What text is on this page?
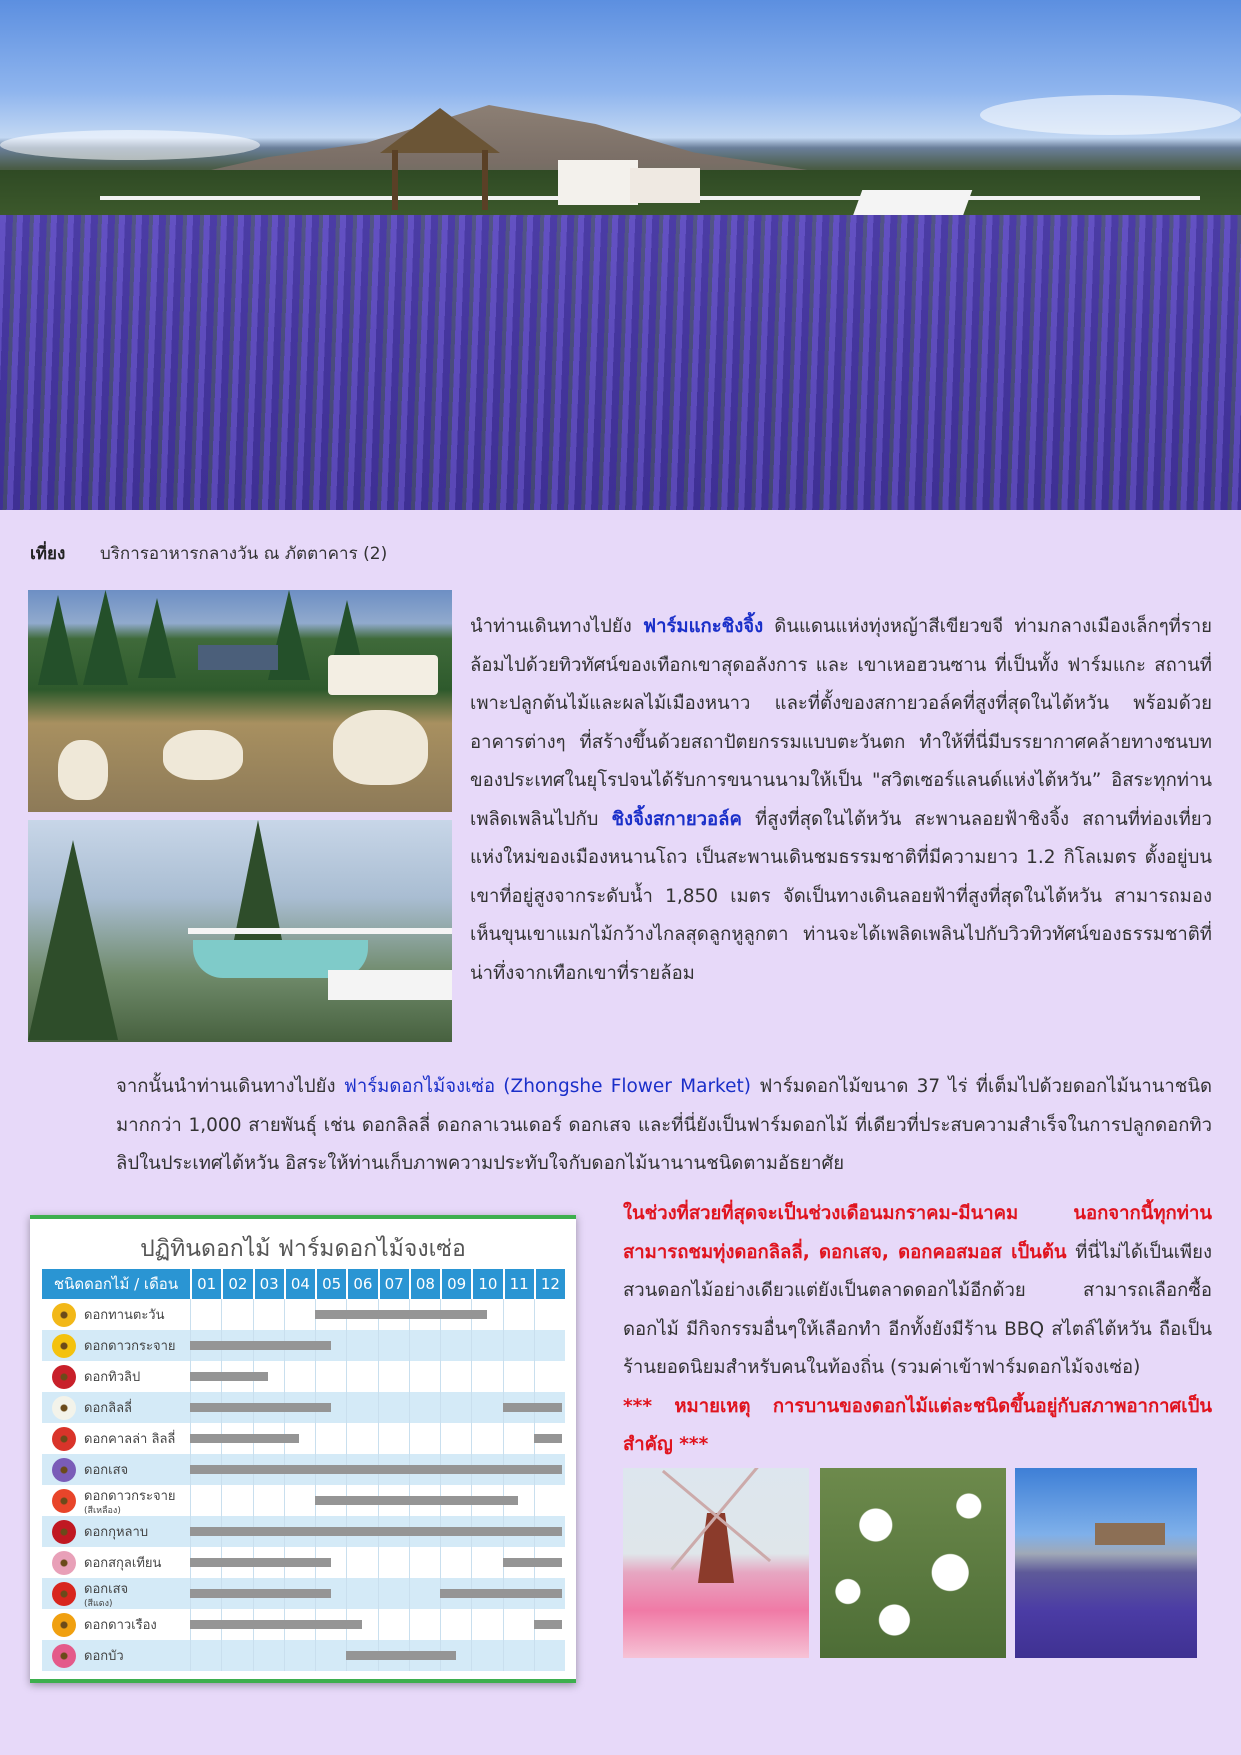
เที่ยง บริการอาหารกลางวัน ณ ภัตตาคาร (2)
นำท่านเดินทางไปยัง ฟาร์มแกะชิงจิ้ง ดินแดนแห่งทุ่งหญ้าสีเขียวขจี ท่ามกลางเมืองเล็กๆที่รายล้อมไปด้วยทิวทัศน์ของเทือกเขาสุดอลังการ และ เขาเหอฮวนซาน ที่เป็นทั้ง ฟาร์มแกะ สถานที่เพาะปลูกต้นไม้และผลไม้เมืองหนาว และที่ตั้งของสกายวอล์คที่สูงที่สุดในไต้หวัน พร้อมด้วยอาคารต่างๆ ที่สร้างขึ้นด้วยสถาปัตยกรรมแบบตะวันตก ทำให้ที่นี่มีบรรยากาศคล้ายทางชนบทของประเทศในยุโรปจนได้รับการขนานนามให้เป็น "สวิตเซอร์แลนด์แห่งไต้หวัน” อิสระทุกท่านเพลิดเพลินไปกับ ชิงจิ้งสกายวอล์ค ที่สูงที่สุดในไต้หวัน สะพานลอยฟ้าชิงจิ้ง สถานที่ท่องเที่ยวแห่งใหม่ของเมืองหนานโถว เป็นสะพานเดินชมธรรมชาติที่มีความยาว 1.2 กิโลเมตร ตั้งอยู่บนเขาที่อยู่สูงจากระดับน้ำ 1,850 เมตร จัดเป็นทางเดินลอยฟ้าที่สูงที่สุดในไต้หวัน สามารถมองเห็นขุนเขาแมกไม้กว้างไกลสุดลูกหูลูกตา ท่านจะได้เพลิดเพลินไปกับวิวทิวทัศน์ของธรรมชาติที่น่าทึ่งจากเทือกเขาที่รายล้อม
จากนั้นนำท่านเดินทางไปยัง ฟาร์มดอกไม้จงเซ่อ (Zhongshe Flower Market) ฟาร์มดอกไม้ขนาด 37 ไร่ ที่เต็มไปด้วยดอกไม้นานาชนิดมากกว่า 1,000 สายพันธุ์ เช่น ดอกลิลลี่ ดอกลาเวนเดอร์ ดอกเสจ และที่นี่ยังเป็นฟาร์มดอกไม้ ที่เดียวที่ประสบความสำเร็จในการปลูกดอกทิวลิปในประเทศไต้หวัน อิสระให้ท่านเก็บภาพความประทับใจกับดอกไม้นานานชนิดตามอัธยาศัย
ปฏิทินดอกไม้ ฟาร์มดอกไม้จงเซ่อ
ชนิดดอกไม้ / เดือน	01 02 03 04 05 06 07 08 09 10 11 12
ดอกทานตะวัน
ดอกดาวกระจาย
ดอกทิวลิป
ดอกลิลลี่
ดอกคาลล่า ลิลลี่
ดอกเสจ
ดอกดาวกระจาย
(สีเหลือง)
ดอกกุหลาบ
ดอกสกุลเทียน
ดอกเสจ
(สีแดง)
ดอกดาวเรือง
ดอกบัว
ในช่วงที่สวยที่สุดจะเป็นช่วงเดือนมกราคม-มีนาคม นอกจากนี้ทุกท่านสามารถชมทุ่งดอกลิลลี่, ดอกเสจ, ดอกคอสมอส เป็นต้น ที่นี่ไม่ได้เป็นเพียงสวนดอกไม้อย่างเดียวแต่ยังเป็นตลาดดอกไม้อีกด้วย สามารถเลือกซื้อดอกไม้ มีกิจกรรมอื่นๆให้เลือกทำ อีกทั้งยังมีร้าน BBQ สไตล์ไต้หวัน ถือเป็นร้านยอดนิยมสำหรับคนในท้องถิ่น (รวมค่าเข้าฟาร์มดอกไม้จงเซ่อ)
*** หมายเหตุ การบานของดอกไม้แต่ละชนิดขึ้นอยู่กับสภาพอากาศเป็นสำคัญ ***
